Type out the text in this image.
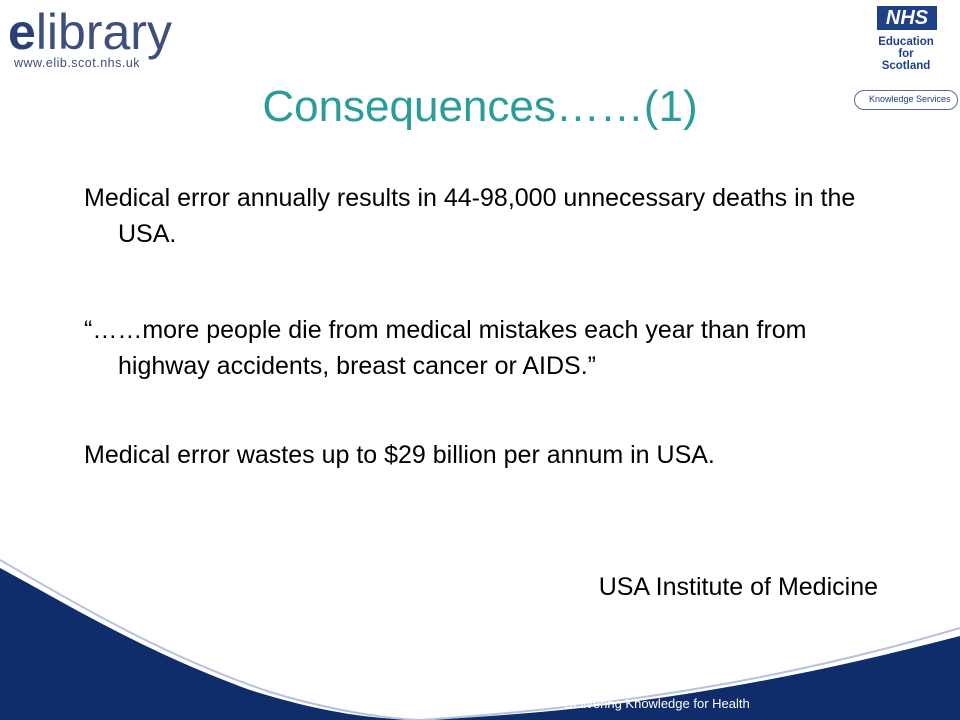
elibrary
www.elib.scot.nhs.uk
NHS
Education
for
Scotland
Knowledge Services
Consequences……(1)
Medical error annually results in 44-98,000 unnecessary deaths in the USA.
“……more people die from medical mistakes each year than from highway accidents, breast cancer or AIDS.”
Medical error wastes up to $29 billion per annum in USA.
USA Institute of Medicine
Delivering Knowledge for Health
